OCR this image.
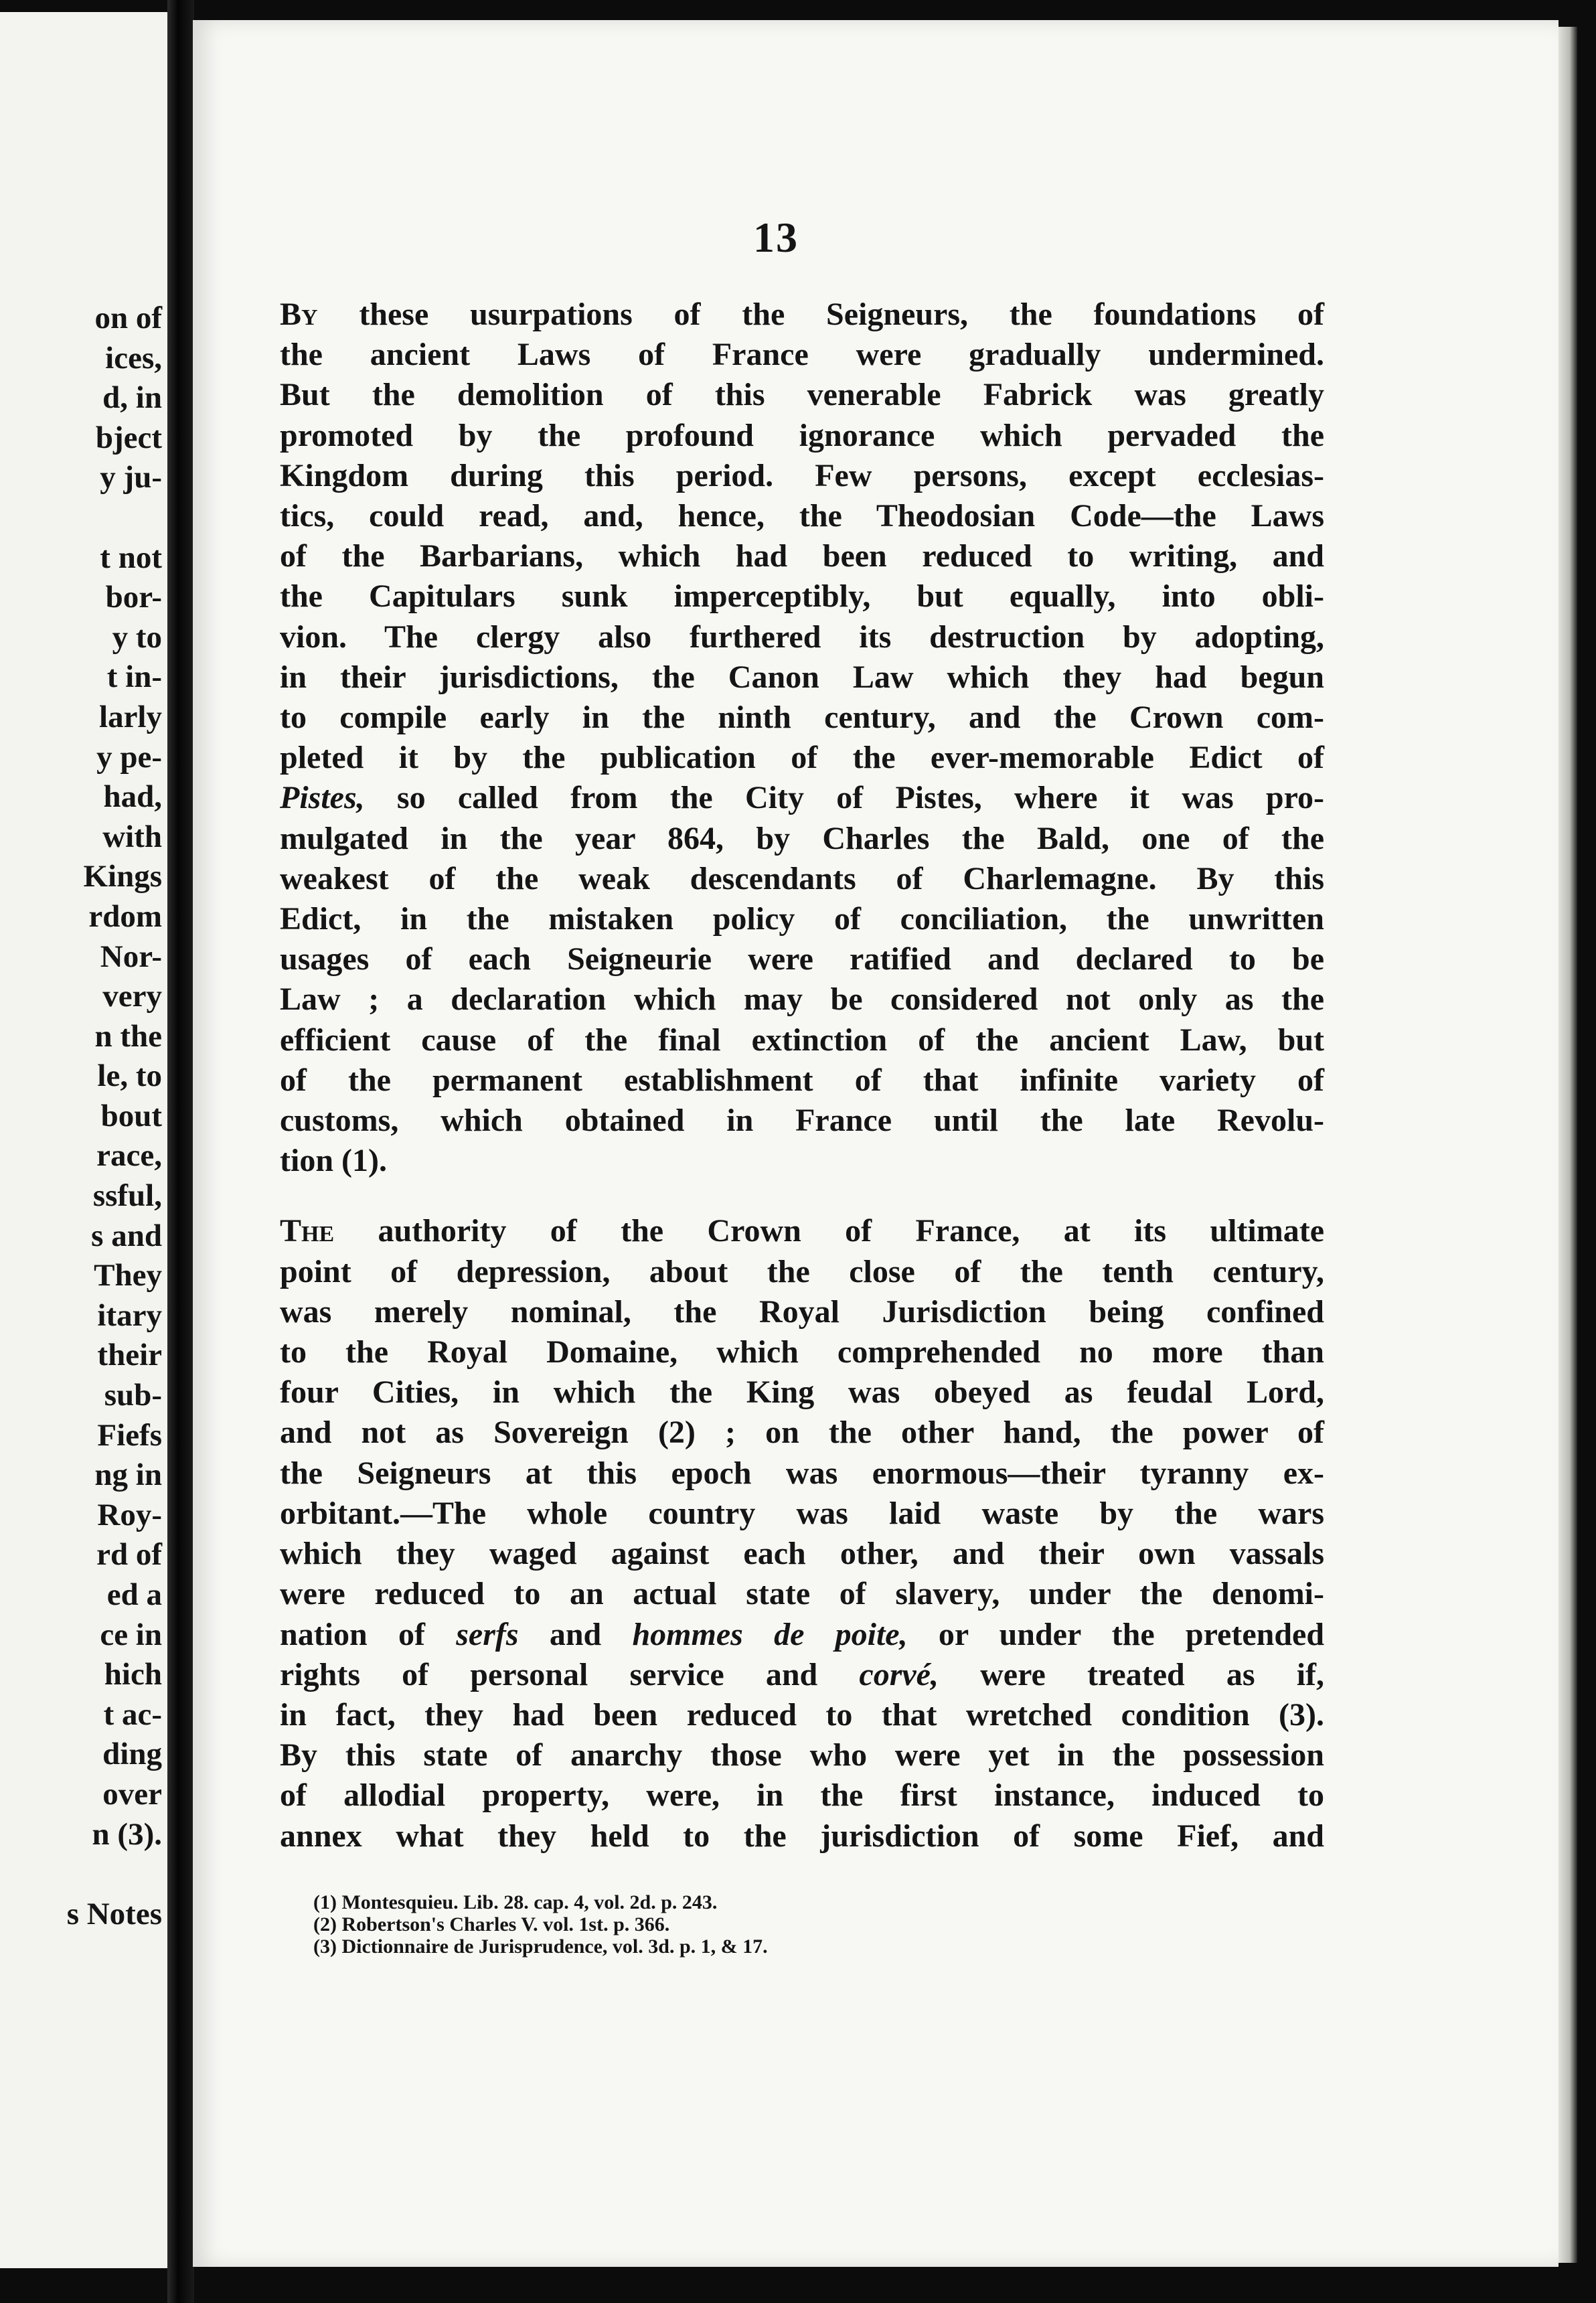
on of
ices,
d, in
bject
y ju-
t not
bor-
y to
t in-
larly
y pe-
had,
with
Kings
rdom
Nor-
very
n the
le, to
bout
race,
ssful,
s and
They
itary
their
sub-
Fiefs
ng in
Roy-
rd of
ed a
ce in
hich
t ac-
ding
over
n (3).
s Notes
13
By these usurpations of the Seigneurs, the foundations of
the ancient Laws of France were gradually undermined.
But the demolition of this venerable Fabrick was greatly
promoted by the profound ignorance which pervaded the
Kingdom during this period. Few persons, except ecclesias-
tics, could read, and, hence, the Theodosian Code—the Laws
of the Barbarians, which had been reduced to writing, and
the Capitulars sunk imperceptibly, but equally, into obli-
vion. The clergy also furthered its destruction by adopting,
in their jurisdictions, the Canon Law which they had begun
to compile early in the ninth century, and the Crown com-
pleted it by the publication of the ever-memorable Edict of
Pistes, so called from the City of Pistes, where it was pro-
mulgated in the year 864, by Charles the Bald, one of the
weakest of the weak descendants of Charlemagne. By this
Edict, in the mistaken policy of conciliation, the unwritten
usages of each Seigneurie were ratified and declared to be
Law ; a declaration which may be considered not only as the
efficient cause of the final extinction of the ancient Law, but
of the permanent establishment of that infinite variety of
customs, which obtained in France until the late Revolu-
tion (1).
The authority of the Crown of France, at its ultimate
point of depression, about the close of the tenth century,
was merely nominal, the Royal Jurisdiction being confined
to the Royal Domaine, which comprehended no more than
four Cities, in which the King was obeyed as feudal Lord,
and not as Sovereign (2) ; on the other hand, the power of
the Seigneurs at this epoch was enormous—their tyranny ex-
orbitant.—The whole country was laid waste by the wars
which they waged against each other, and their own vassals
were reduced to an actual state of slavery, under the denomi-
nation of serfs and hommes de poite, or under the pretended
rights of personal service and corvé, were treated as if,
in fact, they had been reduced to that wretched condition (3).
By this state of anarchy those who were yet in the possession
of allodial property, were, in the first instance, induced to
annex what they held to the jurisdiction of some Fief, and
(1) Montesquieu. Lib. 28. cap. 4, vol. 2d. p. 243.
(2) Robertson's Charles V. vol. 1st. p. 366.
(3) Dictionnaire de Jurisprudence, vol. 3d. p. 1, & 17.
